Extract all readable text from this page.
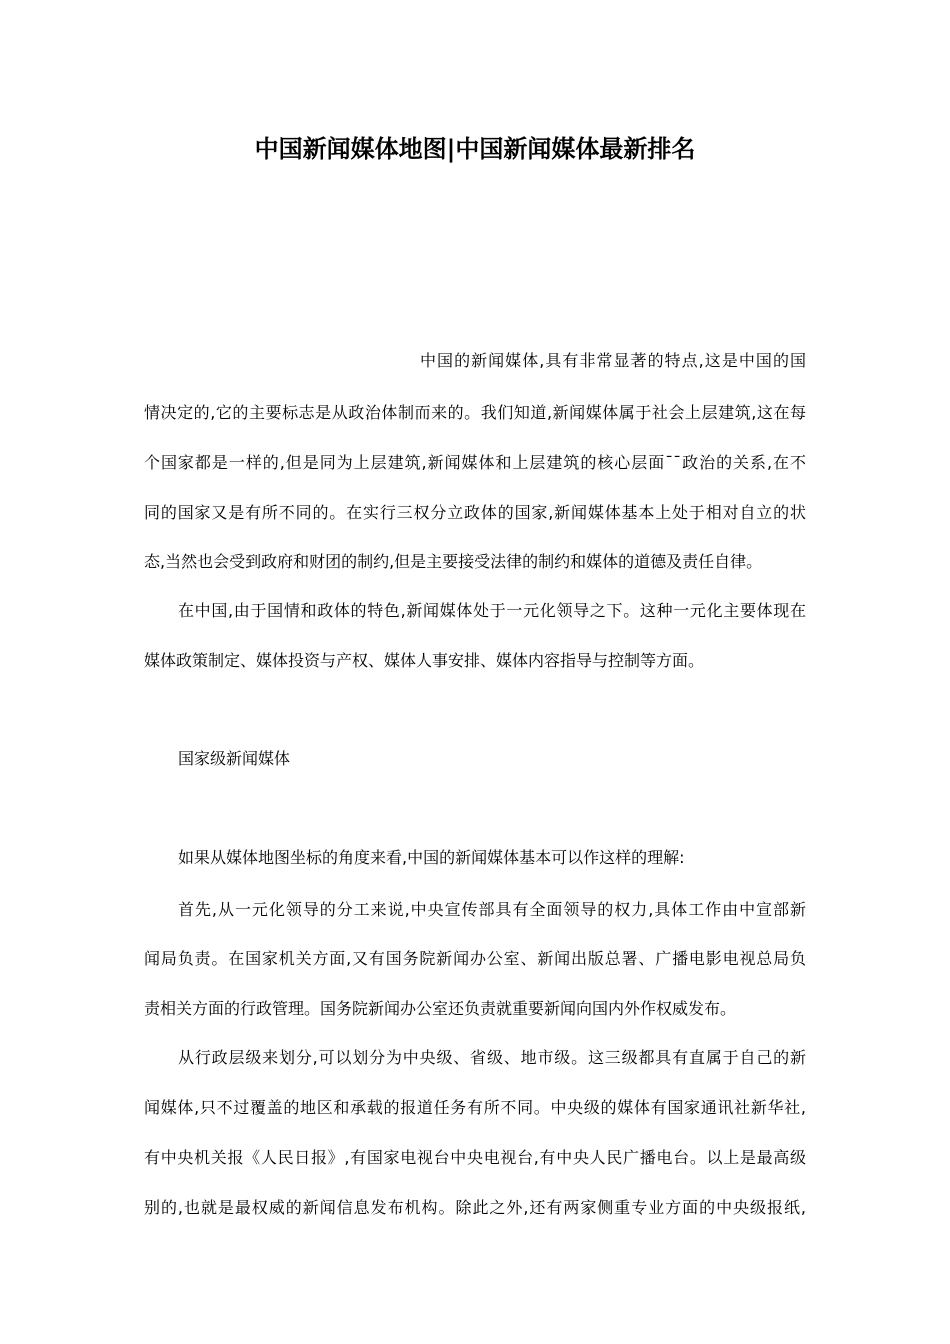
中国新闻媒体地图|中国新闻媒体最新排名
中国的新闻媒体,具有非常显著的特点,这是中国的国
情决定的,它的主要标志是从政治体制而来的。我们知道,新闻媒体属于社会上层建筑,这在每
个国家都是一样的,但是同为上层建筑,新闻媒体和上层建筑的核心层面¯¯政治的关系,在不
同的国家又是有所不同的。在实行三权分立政体的国家,新闻媒体基本上处于相对自立的状
态,当然也会受到政府和财团的制约,但是主要接受法律的制约和媒体的道德及责任自律。
在中国,由于国情和政体的特色,新闻媒体处于一元化领导之下。这种一元化主要体现在
媒体政策制定、媒体投资与产权、媒体人事安排、媒体内容指导与控制等方面。
国家级新闻媒体
如果从媒体地图坐标的角度来看,中国的新闻媒体基本可以作这样的理解:
首先,从一元化领导的分工来说,中央宣传部具有全面领导的权力,具体工作由中宣部新
闻局负责。在国家机关方面,又有国务院新闻办公室、新闻出版总署、广播电影电视总局负
责相关方面的行政管理。国务院新闻办公室还负责就重要新闻向国内外作权威发布。
从行政层级来划分,可以划分为中央级、省级、地市级。这三级都具有直属于自己的新
闻媒体,只不过覆盖的地区和承载的报道任务有所不同。中央级的媒体有国家通讯社新华社,
有中央机关报《人民日报》,有国家电视台中央电视台,有中央人民广播电台。以上是最高级
别的,也就是最权威的新闻信息发布机构。除此之外,还有两家侧重专业方面的中央级报纸,
